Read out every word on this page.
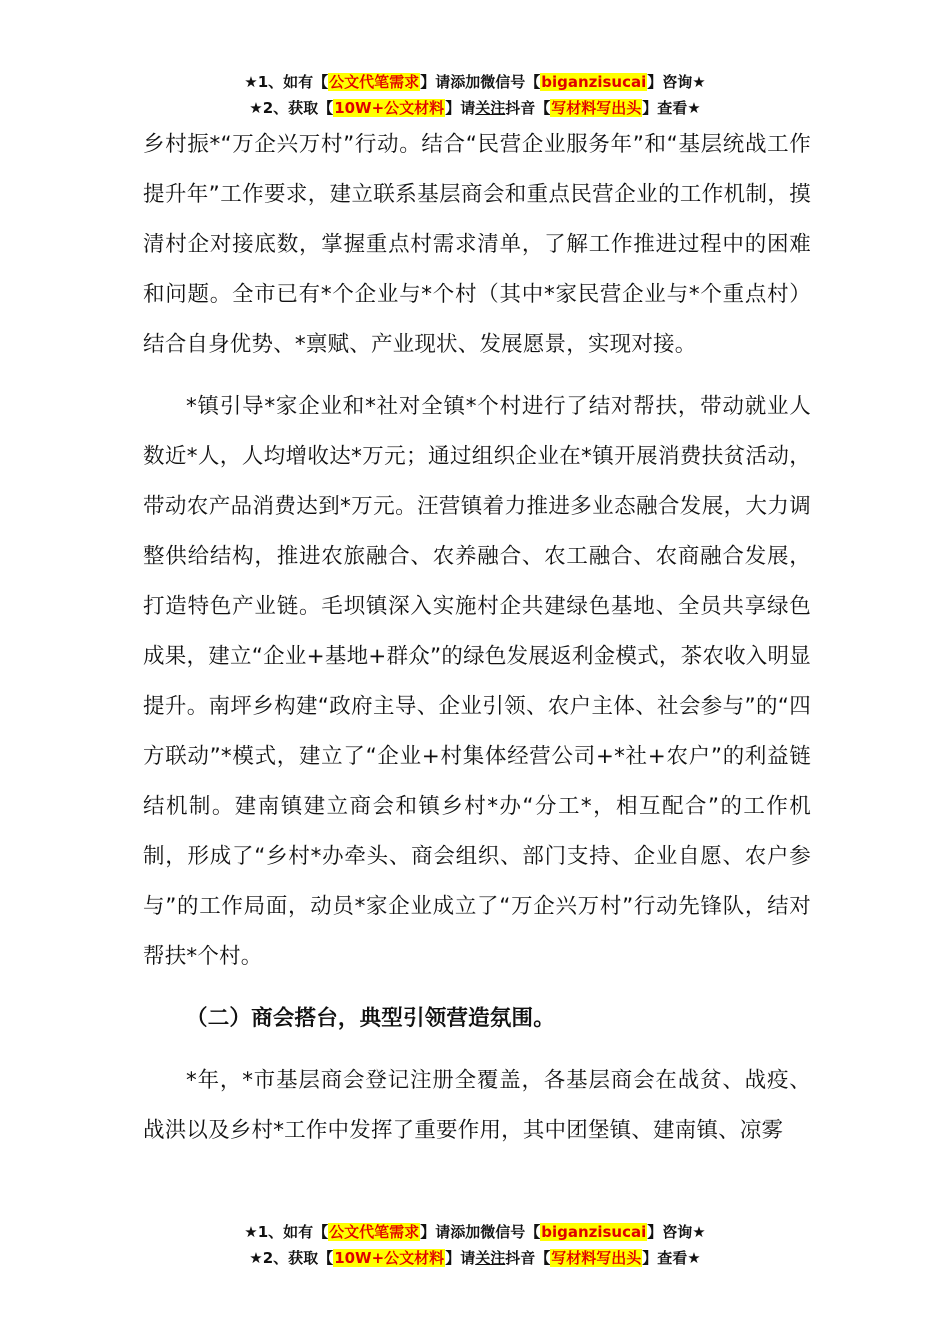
★1、如有【公文代笔需求】请添加微信号【biganzisucai】咨询★
★2、获取【10W+公文材料】请关注抖音【写材料写出头】查看★

乡村振*“万企兴万村”行动。结合“民营企业服务年”和“基层统战工作提升年”工作要求，建立联系基层商会和重点民营企业的工作机制，摸清村企对接底数，掌握重点村需求清单，了解工作推进过程中的困难和问题。全市已有*个企业与*个村（其中*家民营企业与*个重点村）结合自身优势、*禀赋、产业现状、发展愿景，实现对接。

*镇引导*家企业和*社对全镇*个村进行了结对帮扶，带动就业人数近*人，人均增收达*万元；通过组织企业在*镇开展消费扶贫活动，带动农产品消费达到*万元。汪营镇着力推进多业态融合发展，大力调整供给结构，推进农旅融合、农养融合、农工融合、农商融合发展，打造特色产业链。毛坝镇深入实施村企共建绿色基地、全员共享绿色成果，建立“企业+基地+群众”的绿色发展返利金模式，茶农收入明显提升。南坪乡构建“政府主导、企业引领、农户主体、社会参与”的“四方联动”*模式，建立了“企业+村集体经营公司+*社+农户”的利益链结机制。建南镇建立商会和镇乡村*办“分工*，相互配合”的工作机制，形成了“乡村*办牵头、商会组织、部门支持、企业自愿、农户参与”的工作局面，动员*家企业成立了“万企兴万村”行动先锋队，结对帮扶*个村。

（二）商会搭台，典型引领营造氛围。

*年，*市基层商会登记注册全覆盖，各基层商会在战贫、战疫、战洪以及乡村*工作中发挥了重要作用，其中团堡镇、建南镇、凉雾

★1、如有【公文代笔需求】请添加微信号【biganzisucai】咨询★
★2、获取【10W+公文材料】请关注抖音【写材料写出头】查看★
